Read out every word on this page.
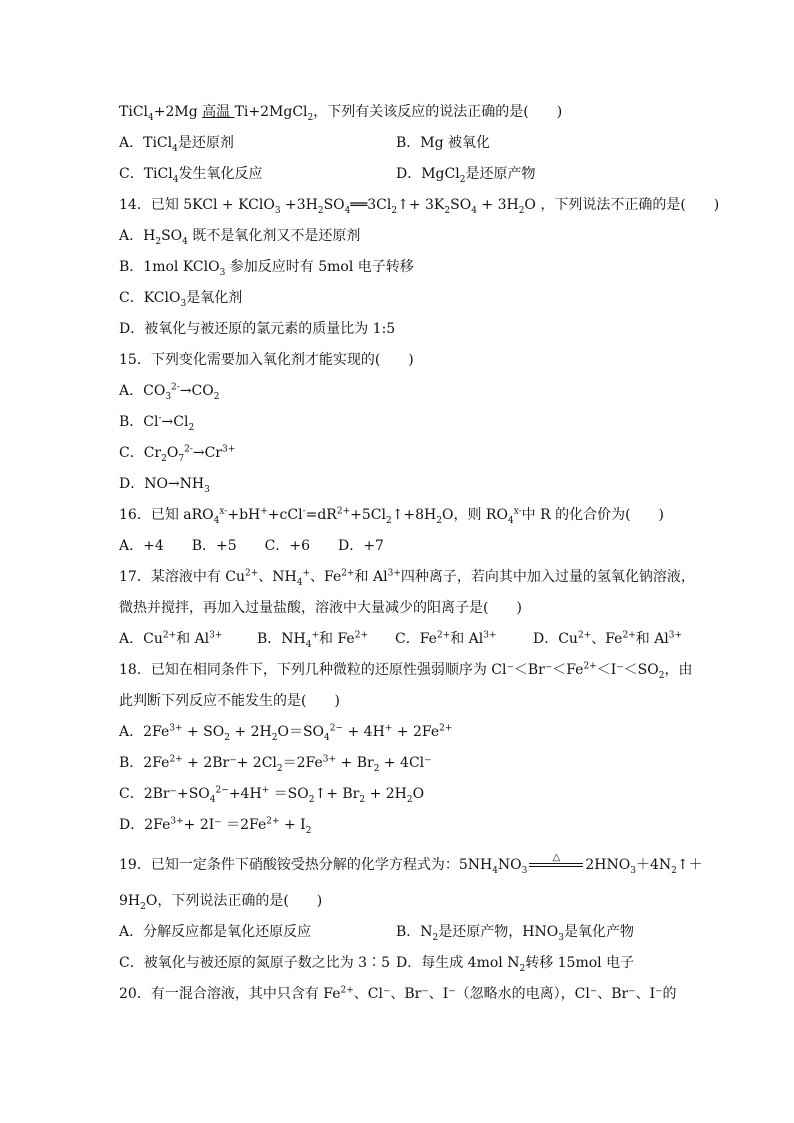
TiCl$_4$+2Mg 高温 Ti+2MgCl$_2$，下列有关该反应的说法正确的是(　　)
A．TiCl$_4$是还原剂	B．Mg 被氧化
C．TiCl$_4$发生氧化反应	D．MgCl$_2$是还原产物
14．已知 5KCl + KClO$_3$ $+3H_2SO_4══3Cl_2↑+ 3K_2SO_4 + 3H_2O$ ，下列说法不正确的是(　　)
A．$H_2SO_4$ 既不是氧化剂又不是还原剂
B．1mol KClO$_3$ 参加反应时有 5mol 电子转移
C．KClO$_3$是氧化剂
D．被氧化与被还原的氯元素的质量比为 1:5
15．下列变化需要加入氧化剂才能实现的(　　)
A．$CO_3^{2-}\to CO_2$
B．$Cl^-\to Cl_2$
C．$Cr_2O_7^{2-}\to Cr^{3+}$
D．$NO\to NH_3$
16．已知 $aRO_4^{x-}+bH^++cCl^-=dR^{2+}+5Cl_2↑+8H_2O$，则 $RO_4^{x-}$中 R 的化合价为(　　)
A．+4　　B．+5　　C．+6　　D．+7
17．某溶液中有 $Cu^{2+}$、$NH_4^+$、$Fe^{2+}$和 $Al^{3+}$四种离子，若向其中加入过量的氢氧化钠溶液，
微热并搅拌，再加入过量盐酸，溶液中大量减少的阳离子是(　　)
A．$Cu^{2+}$和 $Al^{3+}$ B．$NH_4^+$和 $Fe^{2+}$ C．$Fe^{2+}$和 $Al^{3+}$	D．$Cu^{2+}$、$Fe^{2+}$和 $Al^{3+}$
18．已知在相同条件下，下列几种微粒的还原性强弱顺序为 $Cl^-<Br^-<Fe^{2+}<I^-<SO_2$，由
此判断下列反应不能发生的是(　　)
A．$2Fe^{3+} + SO_2 + 2H_2O=SO_4^{2-} + 4H^+ + 2Fe^{2+}$
B．$2Fe^{2+} + 2Br^-+ 2Cl_2=2Fe^{3+} + Br_2 + 4Cl^-$
C．$2Br^-+SO_4^{2-}+4H^+$ $=SO_2↑+ Br_2 + 2H_2O$
D．$2Fe^{3+}+ 2I^- =2Fe^{2+} + I_2$
19．已知一定条件下硝酸铵受热分解的化学方程式为：$5NH_4NO_3$
△	$2HNO_3+4N_2↑+$
$9H_2O$，下列说法正确的是(　　)
A．分解反应都是氧化还原反应	B．$N_2$是还原产物，$HNO_3$是氧化产物
C．被氧化与被还原的氮原子数之比为 3∶5 D．每生成 4mol $N_2$转移 15mol 电子
20．有一混合溶液，其中只含有 $Fe^{2+}$、Cl⁻、Br⁻、I⁻（忽略水的电离），Cl⁻、Br⁻、I⁻的
